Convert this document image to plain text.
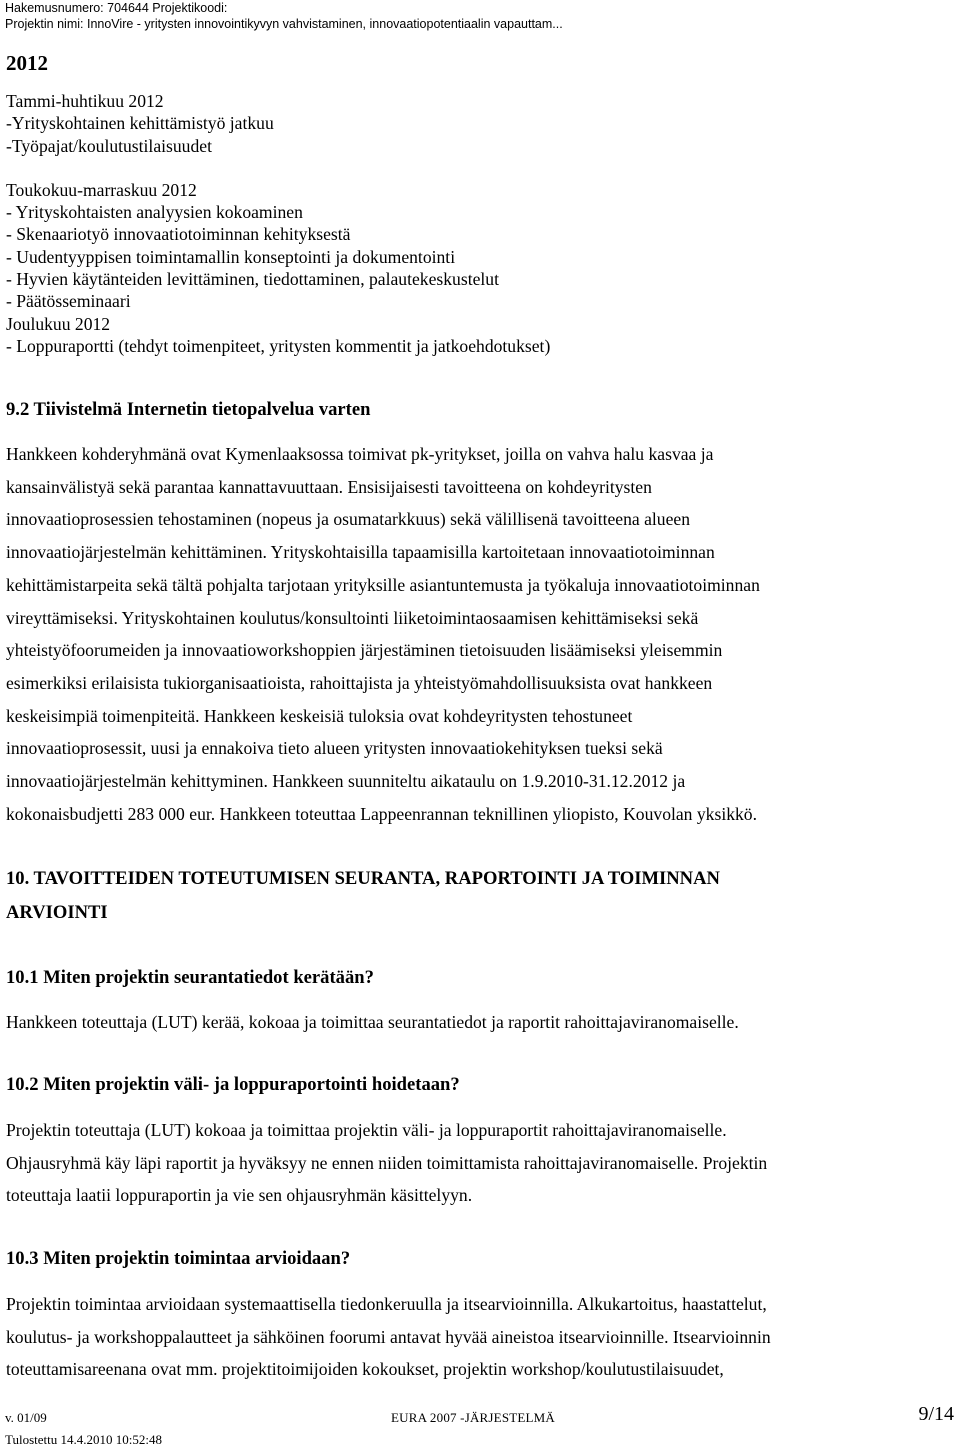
Hakemusnumero: 704644 Projektikoodi:
Projektin nimi: InnoVire - yritysten innovointikyvyn vahvistaminen, innovaatiopotentiaalin vapauttam...
2012
Tammi-huhtikuu 2012
-Yrityskohtainen kehittämistyö jatkuu
-Työpajat/koulutustilaisuudet
Toukokuu-marraskuu 2012
- Yrityskohtaisten analyysien kokoaminen
- Skenaariotyö innovaatiotoiminnan kehityksestä
- Uudentyyppisen toimintamallin konseptointi ja dokumentointi
- Hyvien käytänteiden levittäminen, tiedottaminen, palautekeskustelut
- Päätösseminaari
Joulukuu 2012
- Loppuraportti (tehdyt toimenpiteet, yritysten kommentit ja jatkoehdotukset)
9.2 Tiivistelmä Internetin tietopalvelua varten
Hankkeen kohderyhmänä ovat Kymenlaaksossa toimivat pk-yritykset, joilla on vahva halu kasvaa ja
kansainvälistyä sekä parantaa kannattavuuttaan. Ensisijaisesti tavoitteena on kohdeyritysten
innovaatioprosessien tehostaminen (nopeus ja osumatarkkuus) sekä välillisenä tavoitteena alueen
innovaatiojärjestelmän kehittäminen. Yrityskohtaisilla tapaamisilla kartoitetaan innovaatiotoiminnan
kehittämistarpeita sekä tältä pohjalta tarjotaan yrityksille asiantuntemusta ja työkaluja innovaatiotoiminnan
vireyttämiseksi. Yrityskohtainen koulutus/konsultointi liiketoimintaosaamisen kehittämiseksi sekä
yhteistyöfoorumeiden ja innovaatioworkshoppien järjestäminen tietoisuuden lisäämiseksi yleisemmin
esimerkiksi erilaisista tukiorganisaatioista, rahoittajista ja yhteistyömahdollisuuksista ovat hankkeen
keskeisimpiä toimenpiteitä. Hankkeen keskeisiä tuloksia ovat kohdeyritysten tehostuneet
innovaatioprosessit, uusi ja ennakoiva tieto alueen yritysten innovaatiokehityksen tueksi sekä
innovaatiojärjestelmän kehittyminen. Hankkeen suunniteltu aikataulu on 1.9.2010-31.12.2012 ja
kokonaisbudjetti 283 000 eur. Hankkeen toteuttaa Lappeenrannan teknillinen yliopisto, Kouvolan yksikkö.
10. TAVOITTEIDEN TOTEUTUMISEN SEURANTA, RAPORTOINTI JA TOIMINNAN
ARVIOINTI
10.1 Miten projektin seurantatiedot kerätään?
Hankkeen toteuttaja (LUT) kerää, kokoaa ja toimittaa seurantatiedot ja raportit rahoittajaviranomaiselle.
10.2 Miten projektin väli- ja loppuraportointi hoidetaan?
Projektin toteuttaja (LUT) kokoaa ja toimittaa projektin väli- ja loppuraportit rahoittajaviranomaiselle.
Ohjausryhmä käy läpi raportit ja hyväksyy ne ennen niiden toimittamista rahoittajaviranomaiselle. Projektin
toteuttaja laatii loppuraportin ja vie sen ohjausryhmän käsittelyyn.
10.3 Miten projektin toimintaa arvioidaan?
Projektin toimintaa arvioidaan systemaattisella tiedonkeruulla ja itsearvioinnilla. Alkukartoitus, haastattelut,
koulutus- ja workshoppalautteet ja sähköinen foorumi antavat hyvää aineistoa itsearvioinnille. Itsearvioinnin
toteuttamisareenana ovat mm. projektitoimijoiden kokoukset, projektin workshop/koulutustilaisuudet,
v. 01/09	EURA 2007 -JÄRJESTELMÄ	9/14
Tulostettu 14.4.2010 10:52:48
